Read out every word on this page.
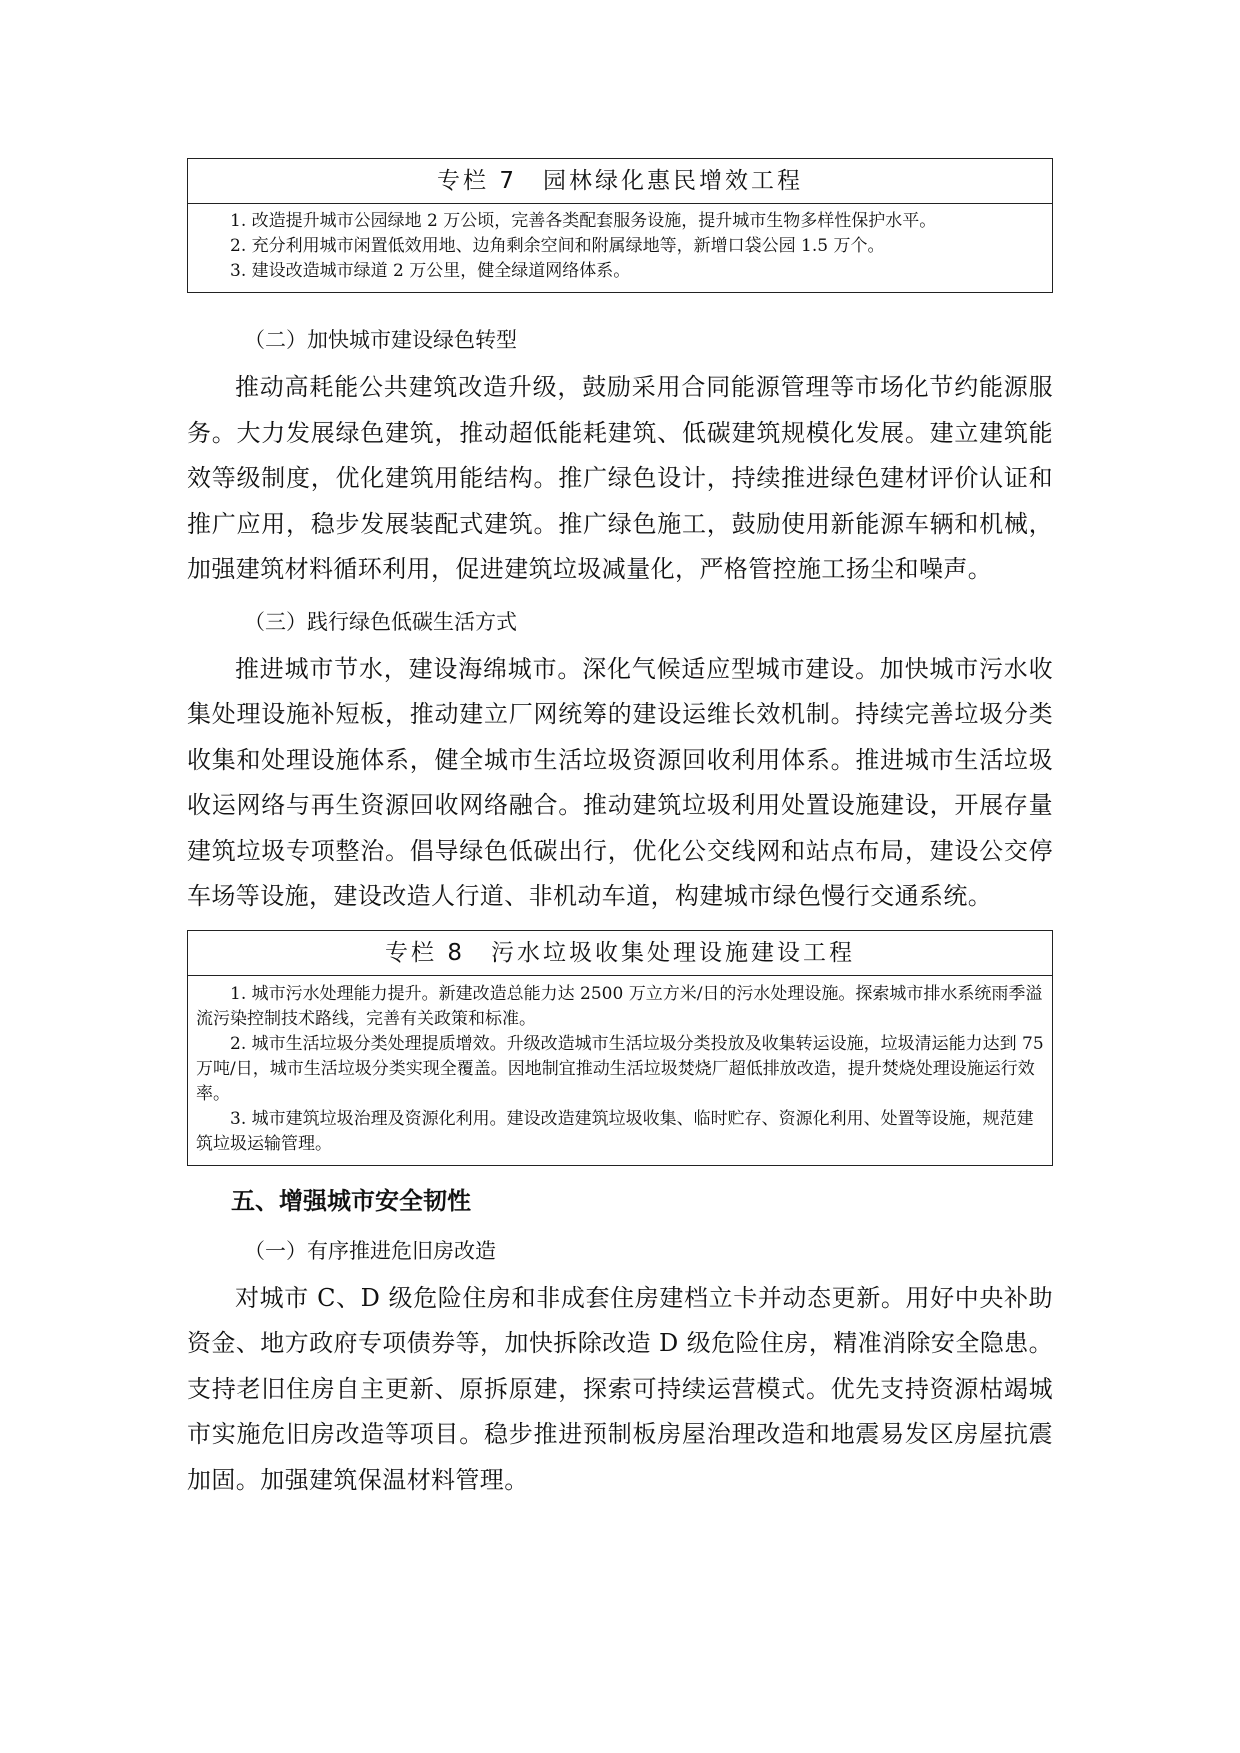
专栏 7　园林绿化惠民增效工程

1. 改造提升城市公园绿地 2 万公顷，完善各类配套服务设施，提升城市生物多样性保护水平。

2. 充分利用城市闲置低效用地、边角剩余空间和附属绿地等，新增口袋公园 1.5 万个。

3. 建设改造城市绿道 2 万公里，健全绿道网络体系。

（二）加快城市建设绿色转型

推动高耗能公共建筑改造升级，鼓励采用合同能源管理等市场化节约能源服务。大力发展绿色建筑，推动超低能耗建筑、低碳建筑规模化发展。建立建筑能效等级制度，优化建筑用能结构。推广绿色设计，持续推进绿色建材评价认证和推广应用，稳步发展装配式建筑。推广绿色施工，鼓励使用新能源车辆和机械，加强建筑材料循环利用，促进建筑垃圾减量化，严格管控施工扬尘和噪声。

（三）践行绿色低碳生活方式

推进城市节水，建设海绵城市。深化气候适应型城市建设。加快城市污水收集处理设施补短板，推动建立厂网统筹的建设运维长效机制。持续完善垃圾分类收集和处理设施体系，健全城市生活垃圾资源回收利用体系。推进城市生活垃圾收运网络与再生资源回收网络融合。推动建筑垃圾利用处置设施建设，开展存量建筑垃圾专项整治。倡导绿色低碳出行，优化公交线网和站点布局，建设公交停车场等设施，建设改造人行道、非机动车道，构建城市绿色慢行交通系统。

专栏 8　污水垃圾收集处理设施建设工程

1. 城市污水处理能力提升。新建改造总能力达 2500 万立方米/日的污水处理设施。探索城市排水系统雨季溢流污染控制技术路线，完善有关政策和标准。

2. 城市生活垃圾分类处理提质增效。升级改造城市生活垃圾分类投放及收集转运设施，垃圾清运能力达到 75 万吨/日，城市生活垃圾分类实现全覆盖。因地制宜推动生活垃圾焚烧厂超低排放改造，提升焚烧处理设施运行效率。

3. 城市建筑垃圾治理及资源化利用。建设改造建筑垃圾收集、临时贮存、资源化利用、处置等设施，规范建筑垃圾运输管理。

五、增强城市安全韧性

（一）有序推进危旧房改造

对城市 C、D 级危险住房和非成套住房建档立卡并动态更新。用好中央补助资金、地方政府专项债券等，加快拆除改造 D 级危险住房，精准消除安全隐患。支持老旧住房自主更新、原拆原建，探索可持续运营模式。优先支持资源枯竭城市实施危旧房改造等项目。稳步推进预制板房屋治理改造和地震易发区房屋抗震加固。加强建筑保温材料管理。
